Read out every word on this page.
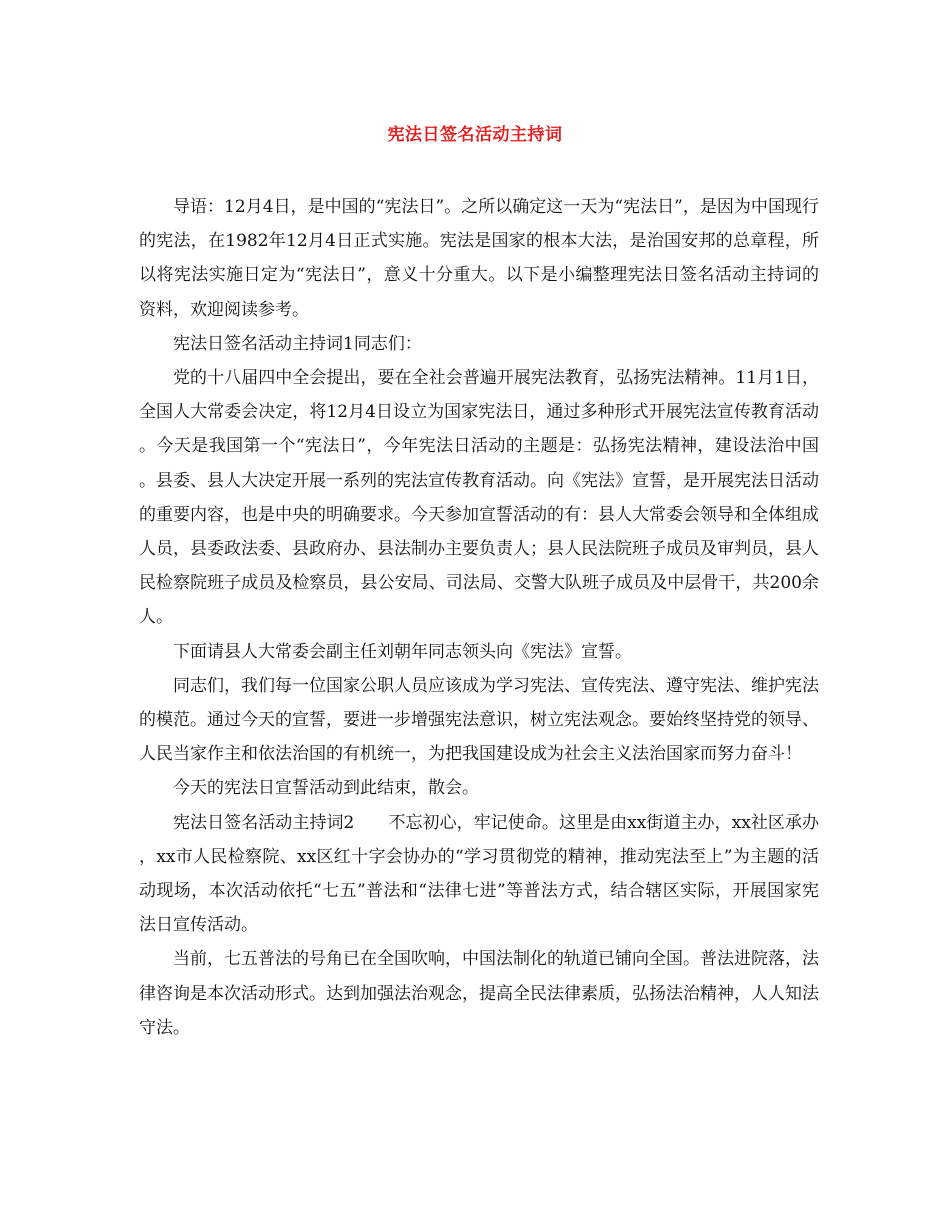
宪法日签名活动主持词

导语：12月4日，是中国的“宪法日”。之所以确定这一天为“宪法日”，是因为中国现行的宪法，在1982年12月4日正式实施。宪法是国家的根本大法，是治国安邦的总章程，所以将宪法实施日定为“宪法日”，意义十分重大。以下是小编整理宪法日签名活动主持词的资料，欢迎阅读参考。

宪法日签名活动主持词1同志们：

党的十八届四中全会提出，要在全社会普遍开展宪法教育，弘扬宪法精神。11月1日，全国人大常委会决定，将12月4日设立为国家宪法日，通过多种形式开展宪法宣传教育活动。今天是我国第一个“宪法日”，今年宪法日活动的主题是：弘扬宪法精神，建设法治中国。县委、县人大决定开展一系列的宪法宣传教育活动。向《宪法》宣誓，是开展宪法日活动的重要内容，也是中央的明确要求。今天参加宣誓活动的有：县人大常委会领导和全体组成人员，县委政法委、县政府办、县法制办主要负责人；县人民法院班子成员及审判员，县人民检察院班子成员及检察员，县公安局、司法局、交警大队班子成员及中层骨干，共200余人。

下面请县人大常委会副主任刘朝年同志领头向《宪法》宣誓。

同志们，我们每一位国家公职人员应该成为学习宪法、宣传宪法、遵守宪法、维护宪法的模范。通过今天的宣誓，要进一步增强宪法意识，树立宪法观念。要始终坚持党的领导、人民当家作主和依法治国的有机统一，为把我国建设成为社会主义法治国家而努力奋斗！

今天的宪法日宣誓活动到此结束，散会。

宪法日签名活动主持词2　　不忘初心，牢记使命。这里是由xx街道主办，xx社区承办，xx市人民检察院、xx区红十字会协办的“学习贯彻党的精神，推动宪法至上”为主题的活动现场，本次活动依托“七五”普法和“法律七进”等普法方式，结合辖区实际，开展国家宪法日宣传活动。

当前，七五普法的号角已在全国吹响，中国法制化的轨道已铺向全国。普法进院落，法律咨询是本次活动形式。达到加强法治观念，提高全民法律素质，弘扬法治精神，人人知法守法。
